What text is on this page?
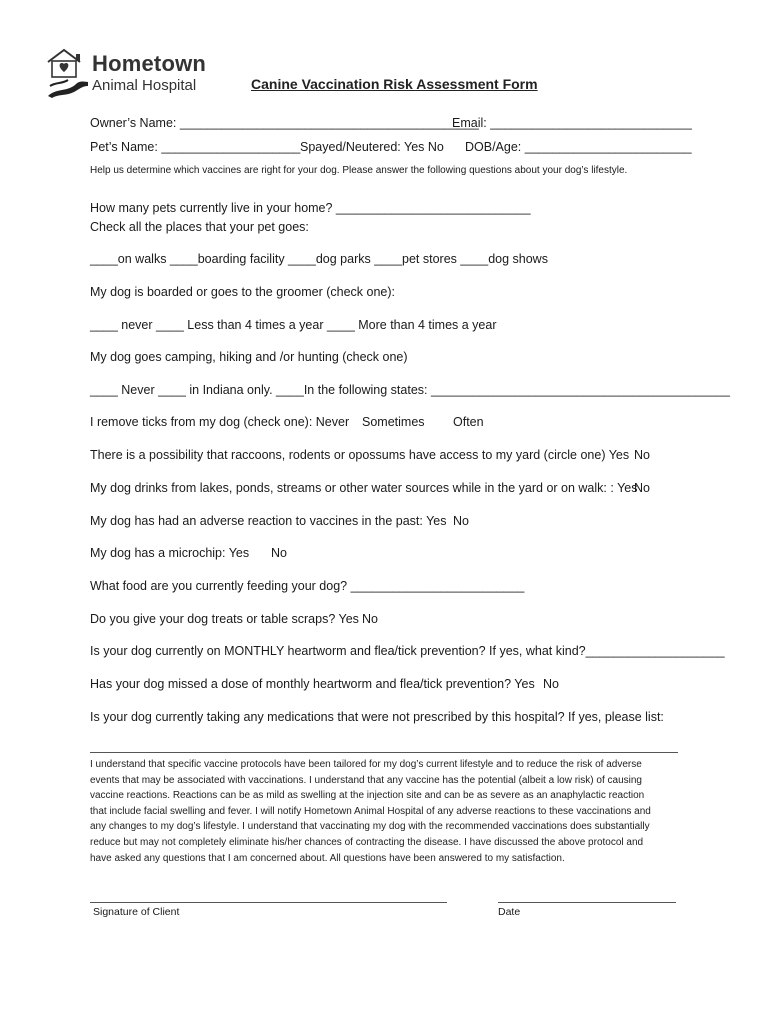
Hometown
Animal Hospital	Canine Vaccination Risk Assessment Form
Owner’s Name: ___________________________________________
Email: _____________________________
Pet’s Name: ____________________ Spayed/Neutered: Yes No DOB/Age: ________________________
Help us determine which vaccines are right for your dog. Please answer the following questions about your dog’s lifestyle.
How many pets currently live in your home? ____________________________
Check all the places that your pet goes:
____on walks ____boarding facility ____dog parks ____pet stores ____dog shows
My dog is boarded or goes to the groomer (check one):
____ never ____ Less than 4 times a year ____ More than 4 times a year
My dog goes camping, hiking and /or hunting (check one)
____ Never ____ in Indiana only. ____In the following states: ___________________________________________
I remove ticks from my dog (check one): Never Sometimes Often
There is a possibility that raccoons, rodents or opossums have access to my yard (circle one) Yes No
My dog drinks from lakes, ponds, streams or other water sources while in the yard or on walk: : Yes
No
My dog has had an adverse reaction to vaccines in the past: Yes No
My dog has a microchip: Yes No
What food are you currently feeding your dog? _________________________
Do you give your dog treats or table scraps? Yes No
Is your dog currently on MONTHLY heartworm and flea/tick prevention? If yes, what kind?____________________
Has your dog missed a dose of monthly heartworm and flea/tick prevention? Yes No
Is your dog currently taking any medications that were not prescribed by this hospital? If yes, please list:
I understand that specific vaccine protocols have been tailored for my dog’s current lifestyle and to reduce the risk of adverse
events that may be associated with vaccinations. I understand that any vaccine has the potential (albeit a low risk) of causing
vaccine reactions. Reactions can be as mild as swelling at the injection site and can be as severe as an anaphylactic reaction
that include facial swelling and fever. I will notify Hometown Animal Hospital of any adverse reactions to these vaccinations and
any changes to my dog’s lifestyle. I understand that vaccinating my dog with the recommended vaccinations does substantially
reduce but may not completely eliminate his/her chances of contracting the disease. I have discussed the above protocol and
have asked any questions that I am concerned about. All questions have been answered to my satisfaction.
Signature of Client	Date
